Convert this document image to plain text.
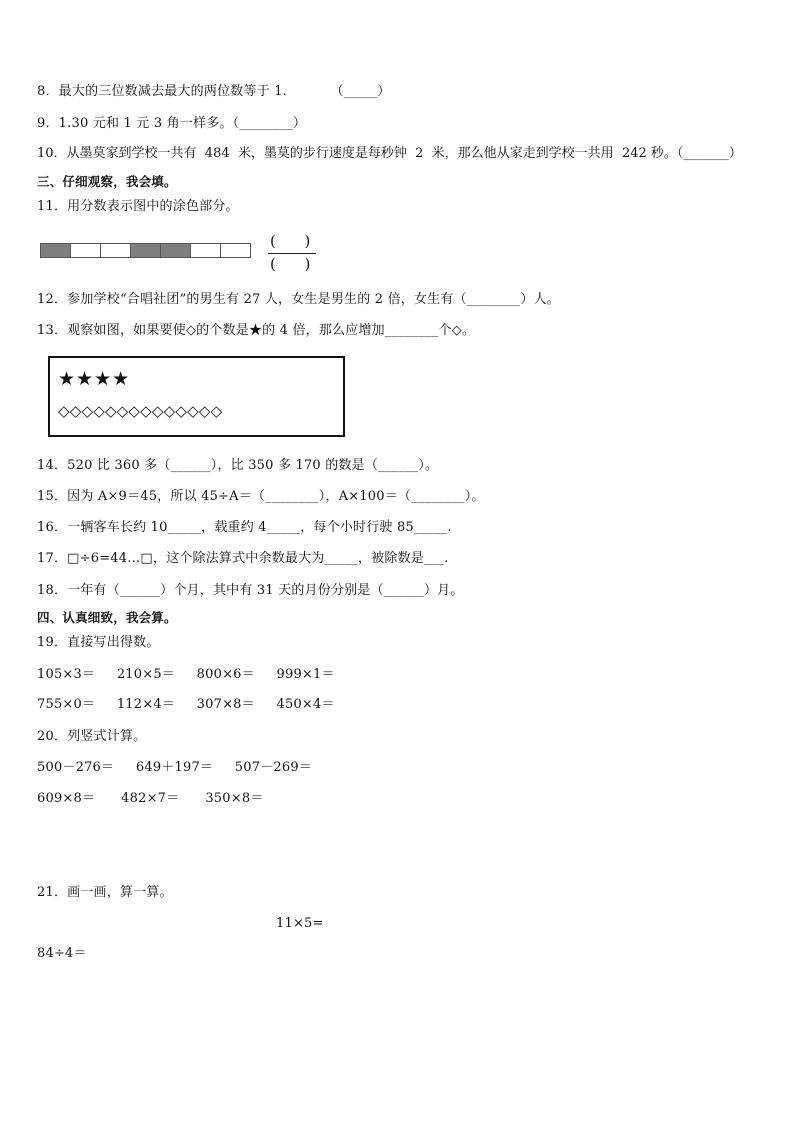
8．最大的三位数减去最大的两位数等于 1．        （_____）
9．1.30 元和 1 元 3 角一样多。（________）
10．从墨莫家到学校一共有  484  米，墨莫的步行速度是每秒钟  2  米，那么他从家走到学校一共用  242 秒。（_______）
三、仔细观察，我会填。
11．用分数表示图中的涂色部分。
(      )
(      )
12．参加学校“合唱社团”的男生有 27 人，女生是男生的 2 倍，女生有（________）人。
13．观察如图，如果要使◇的个数是★的 4 倍，那么应增加________个◇。
★★★★
◇◇◇◇◇◇◇◇◇◇◇◇◇◇
14．520 比 360 多（______），比 350 多 170 的数是（______）。
15．因为 A×9＝45，所以 45÷A＝（________），A×100＝（________）。
16．一辆客车长约 10_____，载重约 4_____，每个小时行驶 85_____.
17．□÷6=44…□，这个除法算式中余数最大为_____，被除数是___.
18．一年有（______）个月，其中有 31 天的月份分别是（______）月。
四、认真细致，我会算。
19．直接写出得数。
105×3＝     210×5＝     800×6＝     999×1＝
755×0＝     112×4＝     307×8＝     450×4＝
20．列竖式计算。
500－276＝     649＋197＝     507－269＝
609×8＝      482×7＝      350×8＝
21．画一画，算一算。
11×5=
84÷4＝
